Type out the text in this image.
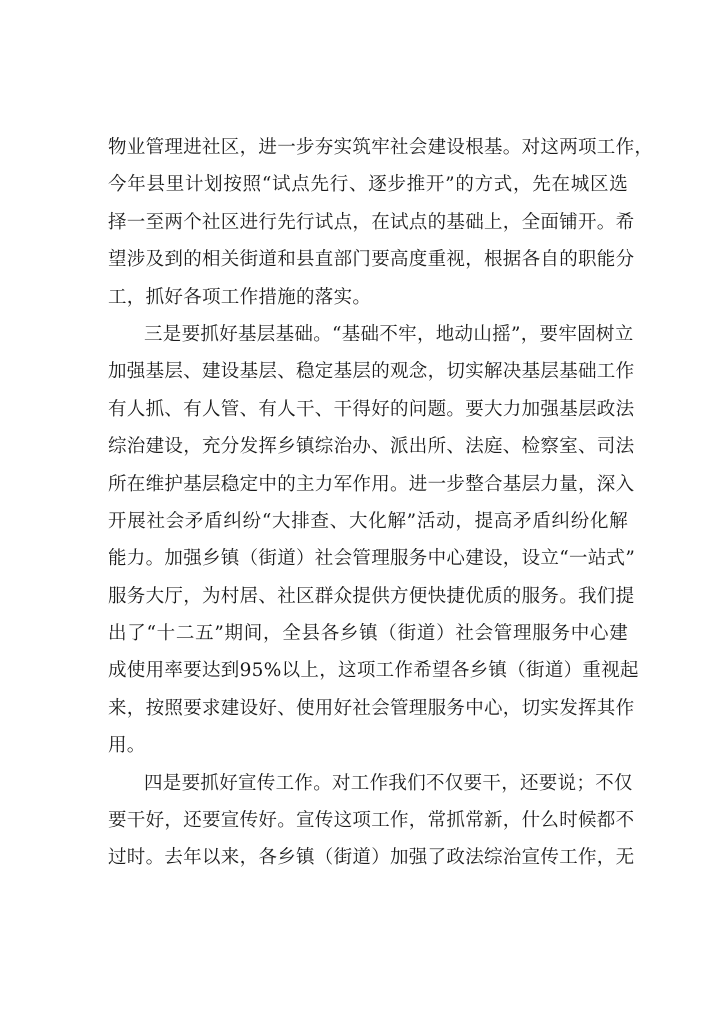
物业管理进社区，进一步夯实筑牢社会建设根基。对这两项工作，
今年县里计划按照“试点先行、逐步推开”的方式，先在城区选
择一至两个社区进行先行试点，在试点的基础上，全面铺开。希
望涉及到的相关街道和县直部门要高度重视，根据各自的职能分
工，抓好各项工作措施的落实。
三是要抓好基层基础。“基础不牢，地动山摇”，要牢固树立
加强基层、建设基层、稳定基层的观念，切实解决基层基础工作
有人抓、有人管、有人干、干得好的问题。要大力加强基层政法
综治建设，充分发挥乡镇综治办、派出所、法庭、检察室、司法
所在维护基层稳定中的主力军作用。进一步整合基层力量，深入
开展社会矛盾纠纷“大排查、大化解”活动，提高矛盾纠纷化解
能力。加强乡镇（街道）社会管理服务中心建设，设立“一站式”
服务大厅，为村居、社区群众提供方便快捷优质的服务。我们提
出了“十二五”期间，全县各乡镇（街道）社会管理服务中心建
成使用率要达到95%以上，这项工作希望各乡镇（街道）重视起
来，按照要求建设好、使用好社会管理服务中心，切实发挥其作
用。
四是要抓好宣传工作。对工作我们不仅要干，还要说；不仅
要干好，还要宣传好。宣传这项工作，常抓常新，什么时候都不
过时。去年以来，各乡镇（街道）加强了政法综治宣传工作，无
